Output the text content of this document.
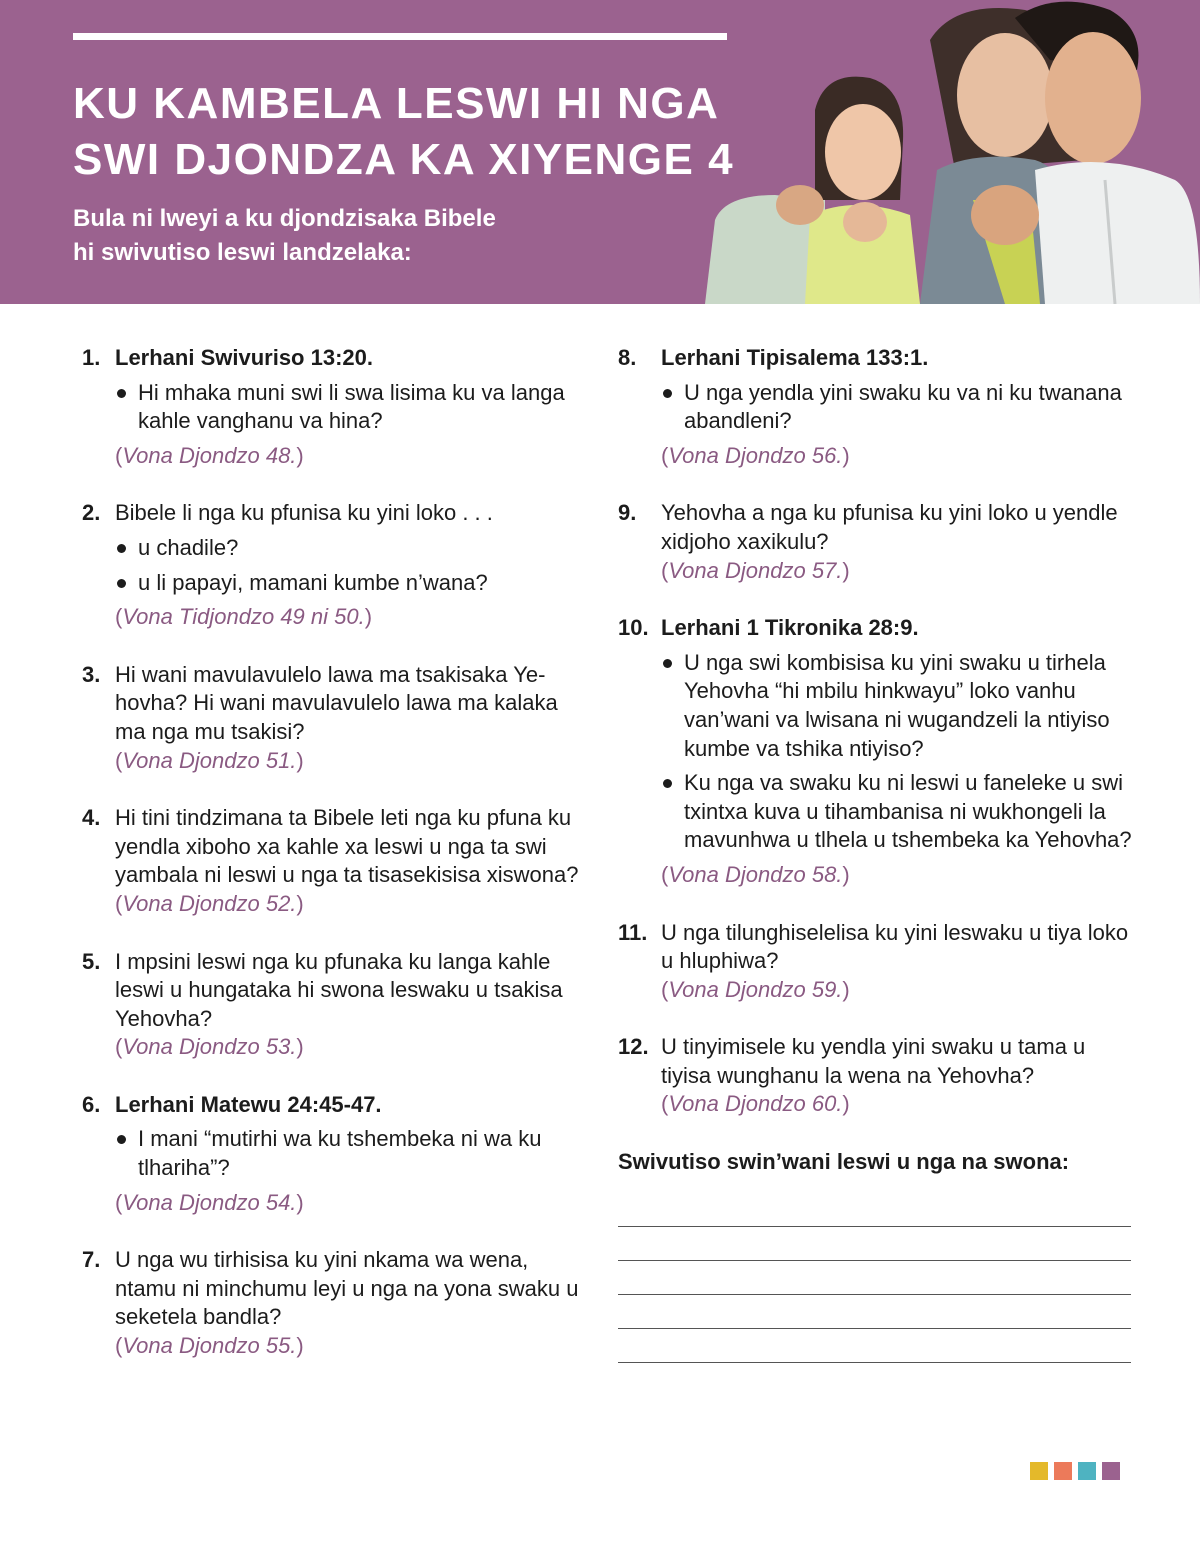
KU KAMBELA LESWI HI NGA
SWI DJONDZA KA XIYENGE 4

Bula ni lweyi a ku djondzisaka Bibele
hi swivutiso leswi landzelaka:

1. Lerhani Swivuriso 13:20.
Hi mhaka muni swi li swa lisima ku va langa kahle vanghanu va hina?
(Vona Djondzo 48.)
2. Bibele li nga ku pfunisa ku yini loko . . .
u chadile?
u li papayi, mamani kumbe n’wana?
(Vona Tidjondzo 49 ni 50.)
3. Hi wani mavulavulelo lawa ma tsakisaka Yehovha? Hi wani mavulavulelo lawa ma kalaka ma nga mu tsakisi?
(Vona Djondzo 51.)
4. Hi tini tindzimana ta Bibele leti nga ku pfuna ku yendla xiboho xa kahle xa leswi u nga ta swi yambala ni leswi u nga ta tisasekisisa xiswona?
(Vona Djondzo 52.)
5. I mpsini leswi nga ku pfunaka ku langa kahle leswi u hungataka hi swona leswaku u tsakisa Yehovha?
(Vona Djondzo 53.)
6. Lerhani Matewu 24:45-47.
I mani “mutirhi wa ku tshembeka ni wa ku tlhariha”?
(Vona Djondzo 54.)
7. U nga wu tirhisisa ku yini nkama wa wena, ntamu ni minchumu leyi u nga na yona swaku u seketela bandla?
(Vona Djondzo 55.)
8. Lerhani Tipisalema 133:1.
U nga yendla yini swaku ku va ni ku twanana abandleni?
(Vona Djondzo 56.)
9. Yehovha a nga ku pfunisa ku yini loko u yendle xidjoho xaxikulu?
(Vona Djondzo 57.)
10. Lerhani 1 Tikronika 28:9.
U nga swi kombisisa ku yini swaku u tirhela Yehovha “hi mbilu hinkwayu” loko vanhu van’wani va lwisana ni wugandzeli la ntiyiso kumbe va tshika ntiyiso?
Ku nga va swaku ku ni leswi u faneleke u swi txintxa kuva u tihambanisa ni wukhongeli la mavunhwa u tlhela u tshembeka ka Yehovha?
(Vona Djondzo 58.)
11. U nga tilunghiselelisa ku yini leswaku u tiya loko u hluphiwa?
(Vona Djondzo 59.)
12. U tinyimisele ku yendla yini swaku u tama u tiyisa wunghanu la wena na Yehovha?
(Vona Djondzo 60.)
Swivutiso swin’wani leswi u nga na swona:
